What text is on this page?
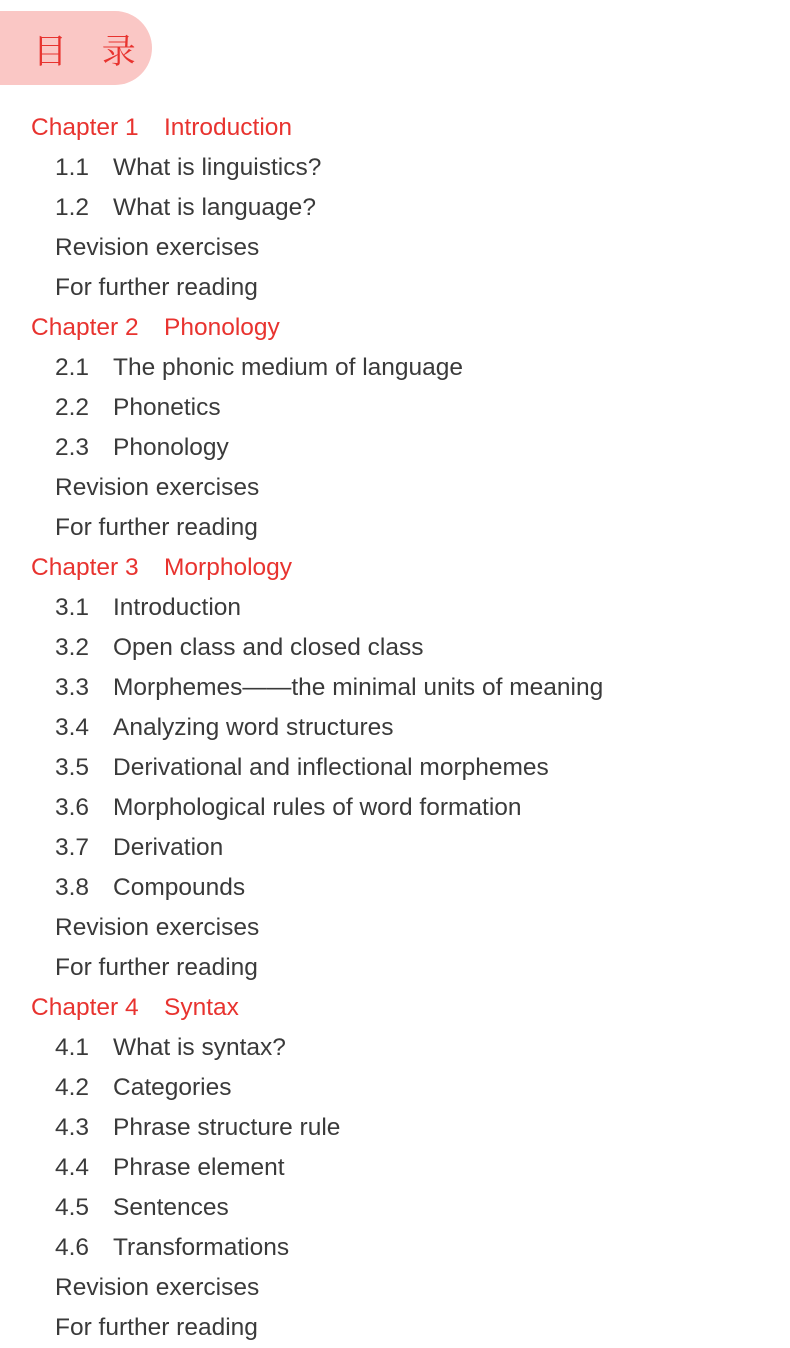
目 录
Chapter 1 Introduction
1.1 What is linguistics?
1.2 What is language?
Revision exercises
For further reading
Chapter 2 Phonology
2.1 The phonic medium of language
2.2 Phonetics
2.3 Phonology
Revision exercises
For further reading
Chapter 3 Morphology
3.1 Introduction
3.2 Open class and closed class
3.3 Morphemes——the minimal units of meaning
3.4 Analyzing word structures
3.5 Derivational and inflectional morphemes
3.6 Morphological rules of word formation
3.7 Derivation
3.8 Compounds
Revision exercises
For further reading
Chapter 4 Syntax
4.1 What is syntax?
4.2 Categories
4.3 Phrase structure rule
4.4 Phrase element
4.5 Sentences
4.6 Transformations
Revision exercises
For further reading
